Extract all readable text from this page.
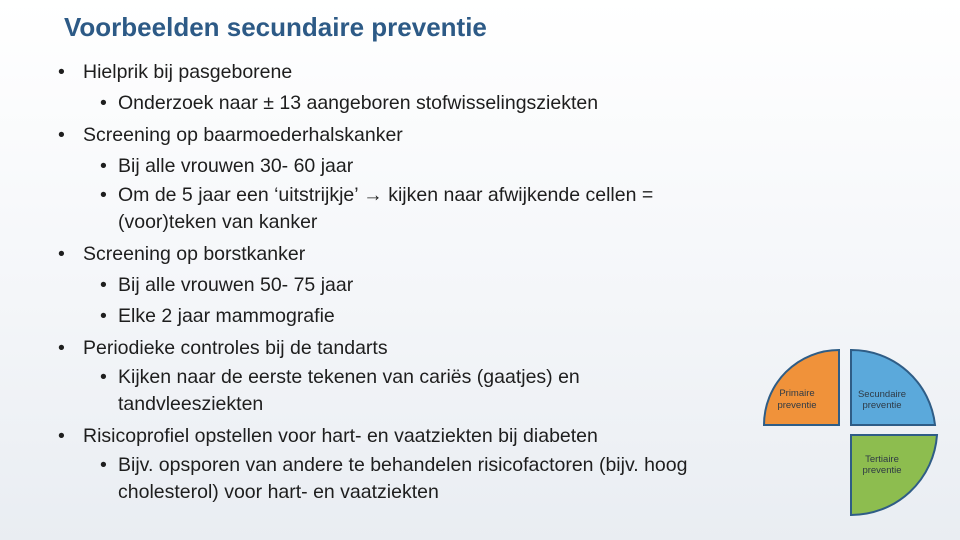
Voorbeelden secundaire preventie
• Hielprik bij pasgeborene
• Onderzoek naar ± 13 aangeboren stofwisselingsziekten
• Screening op baarmoederhalskanker
• Bij alle vrouwen 30- 60 jaar
• Om de 5 jaar een ‘uitstrijkje’ → kijken naar afwijkende cellen = (voor)teken van kanker
• Screening op borstkanker
• Bij alle vrouwen 50- 75 jaar
• Elke 2 jaar mammografie
• Periodieke controles bij de tandarts
• Kijken naar de eerste tekenen van cariës (gaatjes) en tandvleesziekten
• Risicoprofiel opstellen voor hart- en vaatziekten bij diabeten
• Bijv. opsporen van andere te behandelen risicofactoren (bijv. hoog cholesterol) voor hart- en vaatziekten
Primaire
preventie
Secundaire
preventie
Tertiaire
preventie
